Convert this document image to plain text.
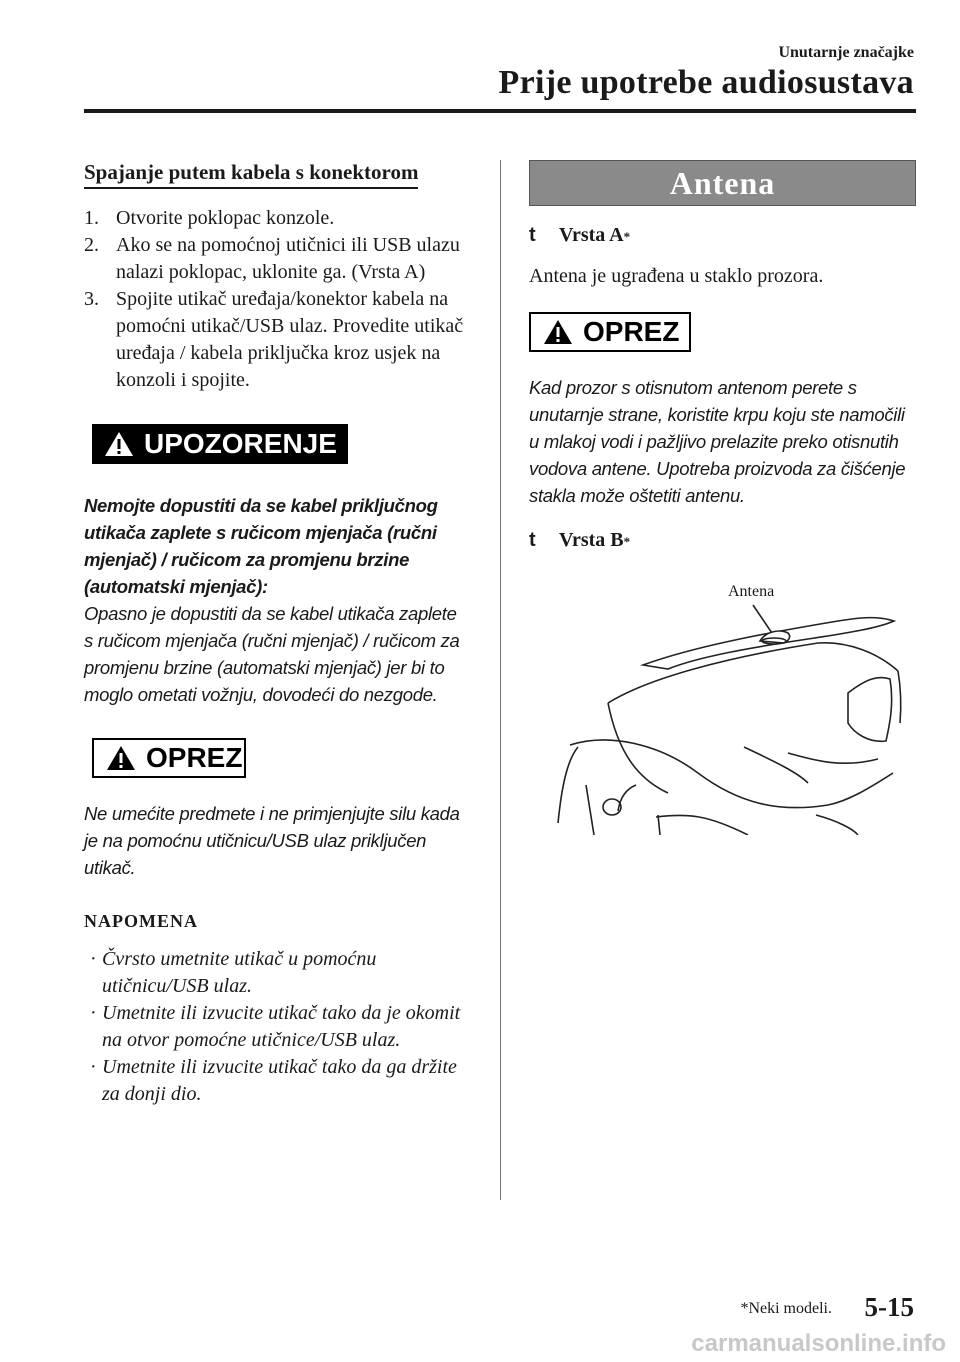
Unutarnje značajke
Prije upotrebe audiosustava
Spajanje putem kabela s konektorom
1. Otvorite poklopac konzole.
2. Ako se na pomoćnoj utičnici ili USB ulazu nalazi poklopac, uklonite ga. (Vrsta A)
3. Spojite utikač uređaja/konektor kabela na pomoćni utikač/USB ulaz. Provedite utikač uređaja / kabela priključka kroz usjek na konzoli i spojite.
UPOZORENJE
Nemojte dopustiti da se kabel priključnog utikača zaplete s ručicom mjenjača (ručni mjenjač) / ručicom za promjenu brzine (automatski mjenjač):
Opasno je dopustiti da se kabel utikača zaplete s ručicom mjenjača (ručni mjenjač) / ručicom za promjenu brzine (automatski mjenjač) jer bi to moglo ometati vožnju, dovodeći do nezgode.
OPREZ
Ne umećite predmete i ne primjenjujte silu kada je na pomoćnu utičnicu/USB ulaz priključen utikač.
NAPOMENA
· Čvrsto umetnite utikač u pomoćnu utičnicu/USB ulaz.
· Umetnite ili izvucite utikač tako da je okomit na otvor pomoćne utičnice/USB ulaz.
· Umetnite ili izvucite utikač tako da ga držite za donji dio.
Antena
t	Vrsta A *
Antena je ugrađena u staklo prozora.
OPREZ
Kad prozor s otisnutom antenom perete s unutarnje strane, koristite krpu koju ste namočili u mlakoj vodi i pažljivo prelazite preko otisnutih vodova antene. Upotreba proizvoda za čišćenje stakla može oštetiti antenu.
t	Vrsta B *
Antena
*Neki modeli. 5-15
carmanualsonline.info
